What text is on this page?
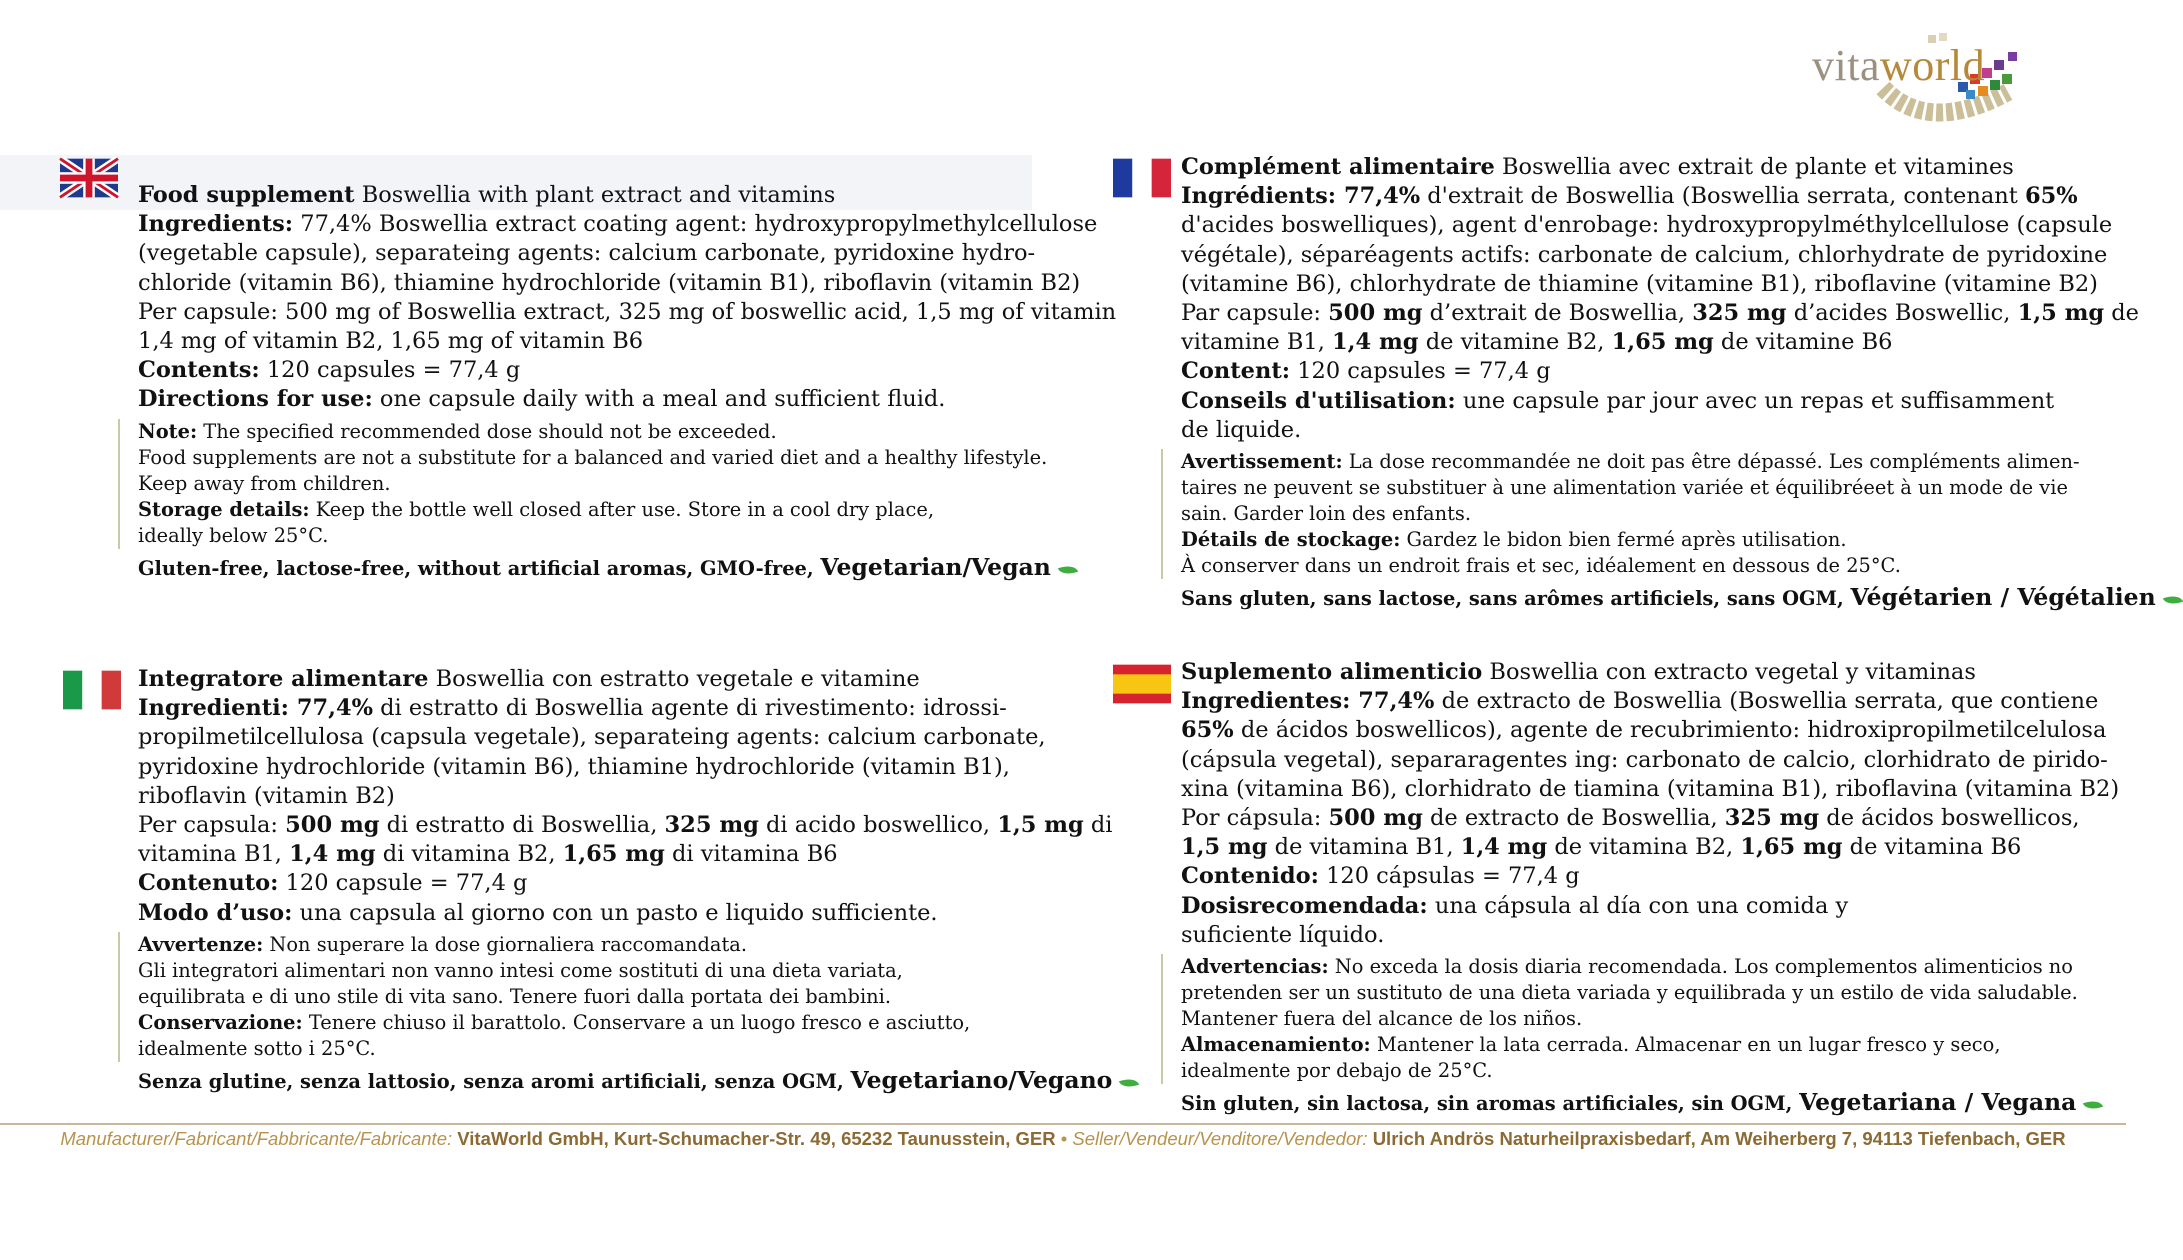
vitaworld

Food supplement Boswellia with plant extract and vitamins

Ingredients: 77,4% Boswellia extract coating agent: hydroxypropylmethylcellulose

(vegetable capsule), separateing agents: calcium carbonate, pyridoxine hydro-

chloride (vitamin B6), thiamine hydrochloride (vitamin B1), riboflavin (vitamin B2)

Per capsule: 500 mg of Boswellia extract, 325 mg of boswellic acid, 1,5 mg of vitamin

1,4 mg of vitamin B2, 1,65 mg of vitamin B6

Contents: 120 capsules = 77,4 g

Directions for use: one capsule daily with a meal and sufficient fluid.

Note: The specified recommended dose should not be exceeded.

Food supplements are not a substitute for a balanced and varied diet and a healthy lifestyle.

Keep away from children.

Storage details: Keep the bottle well closed after use. Store in a cool dry place,

ideally below 25°C.

Gluten-free, lactose-free, without artificial aromas, GMO-free, Vegetarian/Vegan

Complément alimentaire Boswellia avec extrait de plante et vitamines

Ingrédients: 77,4% d'extrait de Boswellia (Boswellia serrata, contenant 65%

d'acides boswelliques), agent d'enrobage: hydroxypropylméthylcellulose (capsule

végétale), séparéagents actifs: carbonate de calcium, chlorhydrate de pyridoxine

(vitamine B6), chlorhydrate de thiamine (vitamine B1), riboflavine (vitamine B2)

Par capsule: 500 mg d’extrait de Boswellia, 325 mg d’acides Boswellic, 1,5 mg de

vitamine B1, 1,4 mg de vitamine B2, 1,65 mg de vitamine B6

Content: 120 capsules = 77,4 g

Conseils d'utilisation: une capsule par jour avec un repas et suffisamment

de liquide.

Avertissement: La dose recommandée ne doit pas être dépassé. Les compléments alimen-

taires ne peuvent se substituer à une alimentation variée et équilibréeet à un mode de vie

sain. Garder loin des enfants.

Détails de stockage: Gardez le bidon bien fermé après utilisation.

À conserver dans un endroit frais et sec, idéalement en dessous de 25°C.

Sans gluten, sans lactose, sans arômes artificiels, sans OGM, Végétarien / Végétalien

Integratore alimentare Boswellia con estratto vegetale e vitamine

Ingredienti: 77,4% di estratto di Boswellia agente di rivestimento: idrossi-

propilmetilcellulosa (capsula vegetale), separateing agents: calcium carbonate,

pyridoxine hydrochloride (vitamin B6), thiamine hydrochloride (vitamin B1),

riboflavin (vitamin B2)

Per capsula: 500 mg di estratto di Boswellia, 325 mg di acido boswellico, 1,5 mg di

vitamina B1, 1,4 mg di vitamina B2, 1,65 mg di vitamina B6

Contenuto: 120 capsule = 77,4 g

Modo d’uso: una capsula al giorno con un pasto e liquido sufficiente.

Avvertenze: Non superare la dose giornaliera raccomandata.

Gli integratori alimentari non vanno intesi come sostituti di una dieta variata,

equilibrata e di uno stile di vita sano. Tenere fuori dalla portata dei bambini.

Conservazione: Tenere chiuso il barattolo. Conservare a un luogo fresco e asciutto,

idealmente sotto i 25°C.

Senza glutine, senza lattosio, senza aromi artificiali, senza OGM, Vegetariano/Vegano

Suplemento alimenticio Boswellia con extracto vegetal y vitaminas

Ingredientes: 77,4% de extracto de Boswellia (Boswellia serrata, que contiene

65% de ácidos boswellicos), agente de recubrimiento: hidroxipropilmetilcelulosa

(cápsula vegetal), separaragentes ing: carbonato de calcio, clorhidrato de pirido-

xina (vitamina B6), clorhidrato de tiamina (vitamina B1), riboflavina (vitamina B2)

Por cápsula: 500 mg de extracto de Boswellia, 325 mg de ácidos boswellicos,

1,5 mg de vitamina B1, 1,4 mg de vitamina B2, 1,65 mg de vitamina B6

Contenido: 120 cápsulas = 77,4 g

Dosisrecomendada: una cápsula al día con una comida y

suficiente líquido.

Advertencias: No exceda la dosis diaria recomendada. Los complementos alimenticios no

pretenden ser un sustituto de una dieta variada y equilibrada y un estilo de vida saludable.

Mantener fuera del alcance de los niños.

Almacenamiento: Mantener la lata cerrada. Almacenar en un lugar fresco y seco,

idealmente por debajo de 25°C.

Sin gluten, sin lactosa, sin aromas artificiales, sin OGM, Vegetariana / Vegana

Manufacturer/Fabricant/Fabbricante/Fabricante: VitaWorld GmbH, Kurt-Schumacher-Str. 49, 65232 Taunusstein, GER • Seller/Vendeur/Venditore/Vendedor: Ulrich Andrös Naturheilpraxisbedarf, Am Weiherberg 7, 94113 Tiefenbach, GER
